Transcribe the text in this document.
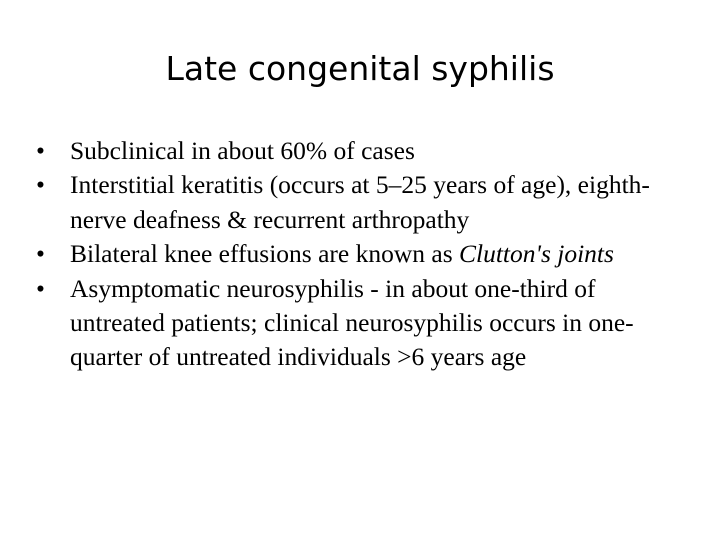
Late congenital syphilis
• Subclinical in about 60% of cases
• Interstitial keratitis (occurs at 5–25 years of age), eighth-nerve deafness & recurrent arthropathy
• Bilateral knee effusions are known as Clutton's joints
• Asymptomatic neurosyphilis - in about one-third of untreated patients; clinical neurosyphilis occurs in one-quarter of untreated individuals >6 years age
